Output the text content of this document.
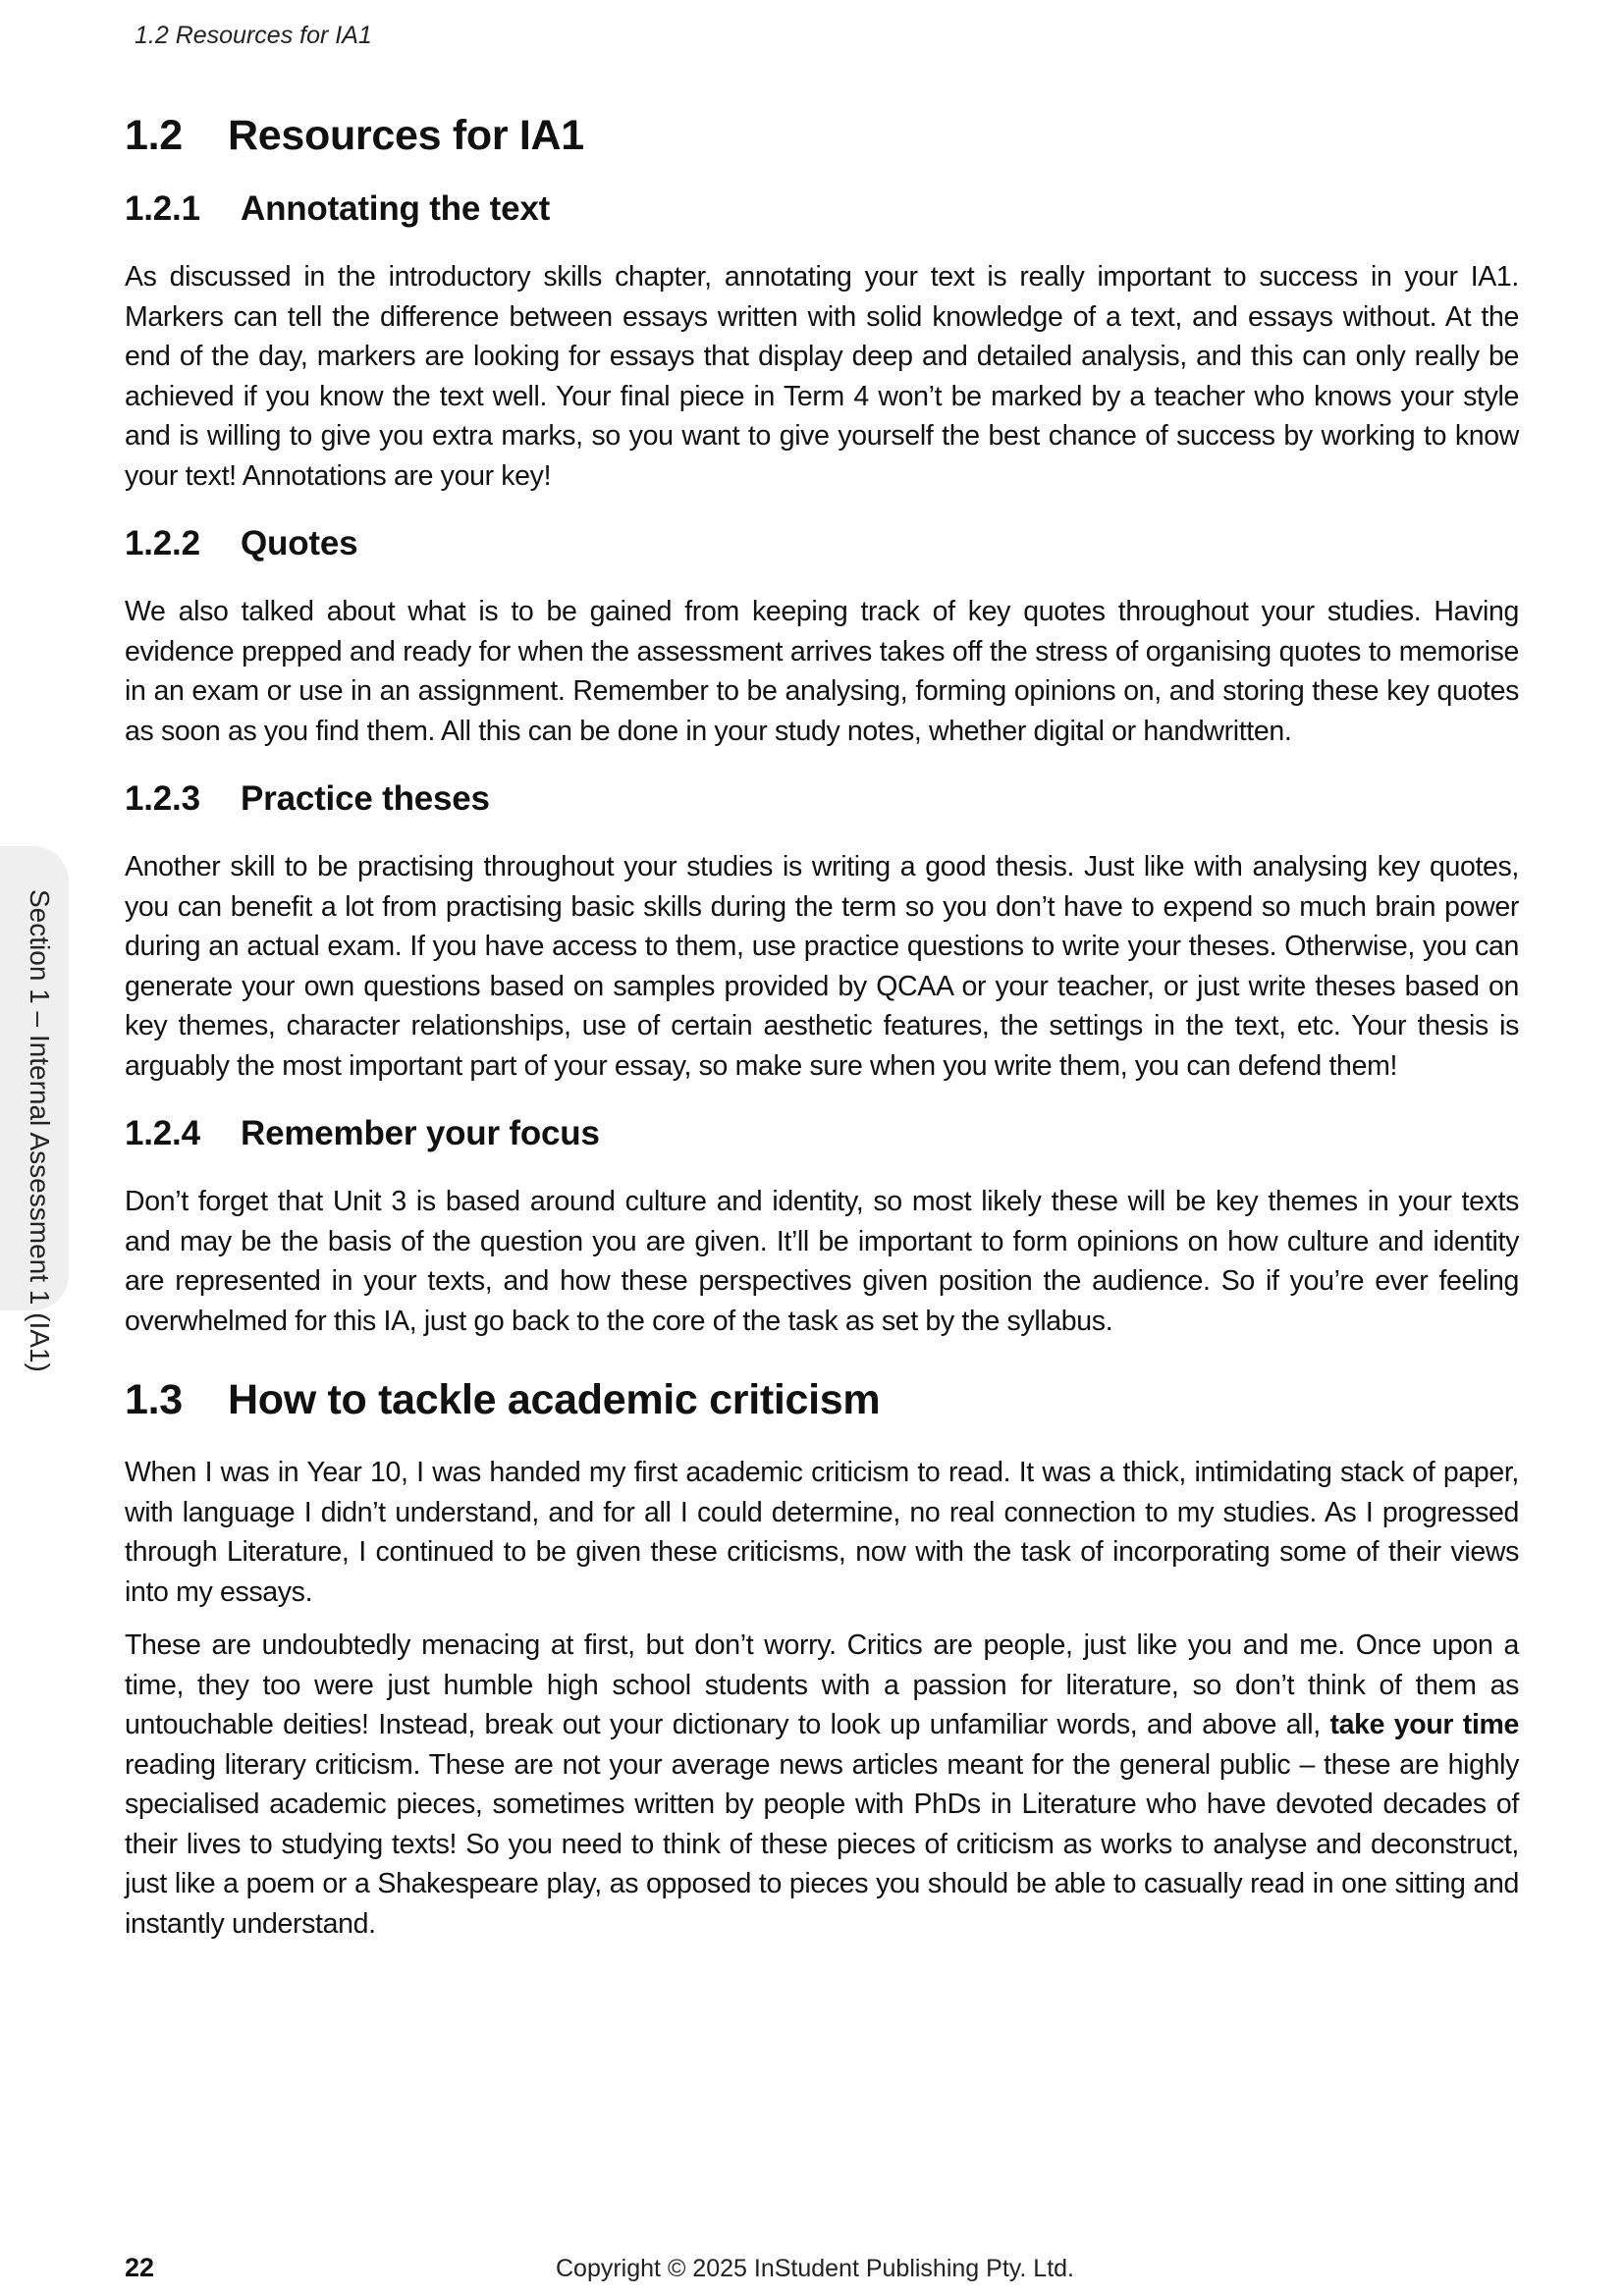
1.2 Resources for IA1
Section 1 – Internal Assessment 1 (IA1)
1.2 Resources for IA1
1.2.1 Annotating the text

As discussed in the introductory skills chapter, annotating your text is really important to success in your IA1. Markers can tell the difference between essays written with solid knowledge of a text, and essays without. At the end of the day, markers are looking for essays that display deep and detailed analysis, and this can only really be achieved if you know the text well. Your final piece in Term 4 won’t be marked by a teacher who knows your style and is willing to give you extra marks, so you want to give yourself the best chance of success by working to know your text! Annotations are your key!

1.2.2 Quotes

We also talked about what is to be gained from keeping track of key quotes throughout your studies. Having evidence prepped and ready for when the assessment arrives takes off the stress of organising quotes to memorise in an exam or use in an assignment. Remember to be analysing, forming opinions on, and storing these key quotes as soon as you find them. All this can be done in your study notes, whether digital or handwritten.

1.2.3 Practice theses

Another skill to be practising throughout your studies is writing a good thesis. Just like with analysing key quotes, you can benefit a lot from practising basic skills during the term so you don’t have to expend so much brain power during an actual exam. If you have access to them, use practice questions to write your theses. Otherwise, you can generate your own questions based on samples provided by QCAA or your teacher, or just write theses based on key themes, character relationships, use of certain aesthetic features, the settings in the text, etc. Your thesis is arguably the most important part of your essay, so make sure when you write them, you can defend them!

1.2.4 Remember your focus

Don’t forget that Unit 3 is based around culture and identity, so most likely these will be key themes in your texts and may be the basis of the question you are given. It’ll be important to form opinions on how culture and identity are represented in your texts, and how these perspectives given position the audience. So if you’re ever feeling overwhelmed for this IA, just go back to the core of the task as set by the syllabus.

1.3 How to tackle academic criticism

When I was in Year 10, I was handed my first academic criticism to read. It was a thick, intimidating stack of paper, with language I didn’t understand, and for all I could determine, no real connection to my studies. As I progressed through Literature, I continued to be given these criticisms, now with the task of incorporating some of their views into my essays.

These are undoubtedly menacing at first, but don’t worry. Critics are people, just like you and me. Once upon a time, they too were just humble high school students with a passion for literature, so don’t think of them as untouchable deities! Instead, break out your dictionary to look up unfamiliar words, and above all, take your time reading literary criticism. These are not your average news articles meant for the general public – these are highly specialised academic pieces, sometimes written by people with PhDs in Literature who have devoted decades of their lives to studying texts! So you need to think of these pieces of criticism as works to analyse and deconstruct, just like a poem or a Shakespeare play, as opposed to pieces you should be able to casually read in one sitting and instantly understand.

22	Copyright © 2025 InStudent Publishing Pty. Ltd.
